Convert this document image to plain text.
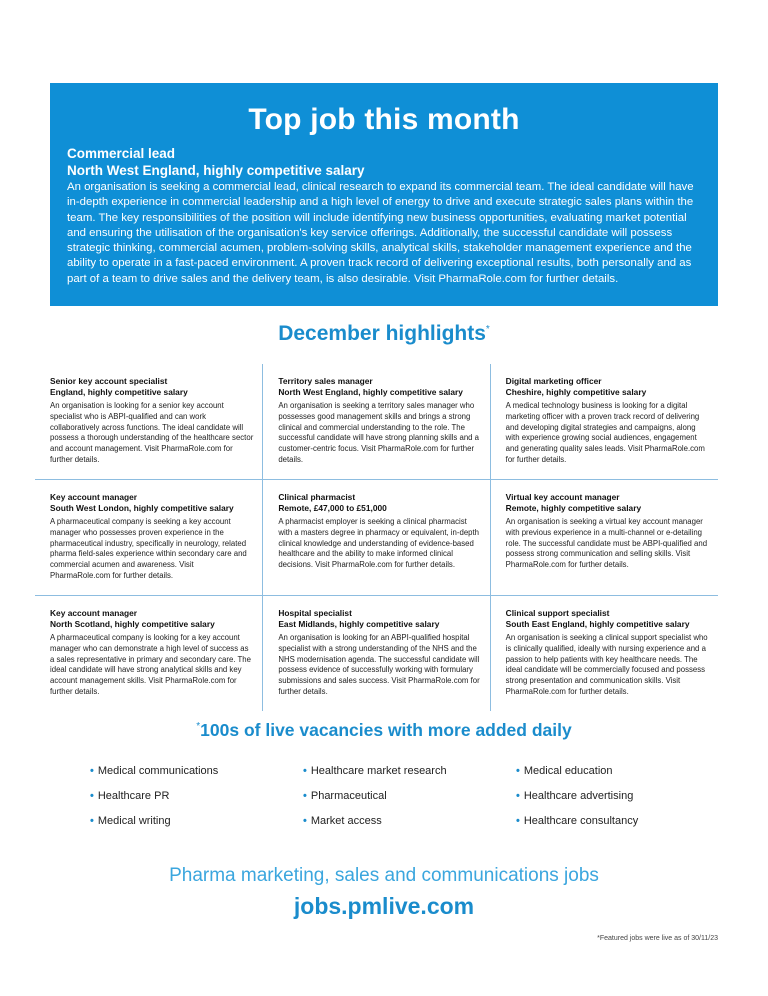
Top job this month
Commercial lead
North West England, highly competitive salary
An organisation is seeking a commercial lead, clinical research to expand its commercial team. The ideal candidate will have in-depth experience in commercial leadership and a high level of energy to drive and execute strategic sales plans within the team. The key responsibilities of the position will include identifying new business opportunities, evaluating market potential and ensuring the utilisation of the organisation's key service offerings. Additionally, the successful candidate will possess strategic thinking, commercial acumen, problem-solving skills, analytical skills, stakeholder management experience and the ability to operate in a fast-paced environment. A proven track record of delivering exceptional results, both personally and as part of a team to drive sales and the delivery team, is also desirable. Visit PharmaRole.com for further details.
December highlights*
Senior key account specialist
England, highly competitive salary
An organisation is looking for a senior key account specialist who is ABPI-qualified and can work collaboratively across functions. The ideal candidate will possess a thorough understanding of the healthcare sector and account management. Visit PharmaRole.com for further details.
Territory sales manager
North West England, highly competitive salary
An organisation is seeking a territory sales manager who possesses good management skills and brings a strong clinical and commercial understanding to the role. The successful candidate will have strong planning skills and a customer-centric focus. Visit PharmaRole.com for further details.
Digital marketing officer
Cheshire, highly competitive salary
A medical technology business is looking for a digital marketing officer with a proven track record of delivering and developing digital strategies and campaigns, along with experience growing social audiences, engagement and generating quality sales leads. Visit PharmaRole.com for further details.
Key account manager
South West London, highly competitive salary
A pharmaceutical company is seeking a key account manager who possesses proven experience in the pharmaceutical industry, specifically in neurology, related pharma field-sales experience within secondary care and commercial acumen and awareness. Visit PharmaRole.com for further details.
Clinical pharmacist
Remote, £47,000 to £51,000
A pharmacist employer is seeking a clinical pharmacist with a masters degree in pharmacy or equivalent, in-depth clinical knowledge and understanding of evidence-based healthcare and the ability to make informed clinical decisions. Visit PharmaRole.com for further details.
Virtual key account manager
Remote, highly competitive salary
An organisation is seeking a virtual key account manager with previous experience in a multi-channel or e-detailing role. The successful candidate must be ABPI-qualified and possess strong communication and selling skills. Visit PharmaRole.com for further details.
Key account manager
North Scotland, highly competitive salary
A pharmaceutical company is looking for a key account manager who can demonstrate a high level of success as a sales representative in primary and secondary care. The ideal candidate will have strong analytical skills and key account management skills. Visit PharmaRole.com for further details.
Hospital specialist
East Midlands, highly competitive salary
An organisation is looking for an ABPI-qualified hospital specialist with a strong understanding of the NHS and the NHS modernisation agenda. The successful candidate will possess evidence of successfully working with formulary submissions and sales success. Visit PharmaRole.com for further details.
Clinical support specialist
South East England, highly competitive salary
An organisation is seeking a clinical support specialist who is clinically qualified, ideally with nursing experience and a passion to help patients with key healthcare needs. The ideal candidate will be commercially focused and possess strong presentation and communication skills. Visit PharmaRole.com for further details.
*100s of live vacancies with more added daily
• Medical communications
• Healthcare PR
• Medical writing
• Healthcare market research
• Pharmaceutical
• Market access
• Medical education
• Healthcare advertising
• Healthcare consultancy
Pharma marketing, sales and communications jobs
jobs.pmlive.com
*Featured jobs were live as of 30/11/23
